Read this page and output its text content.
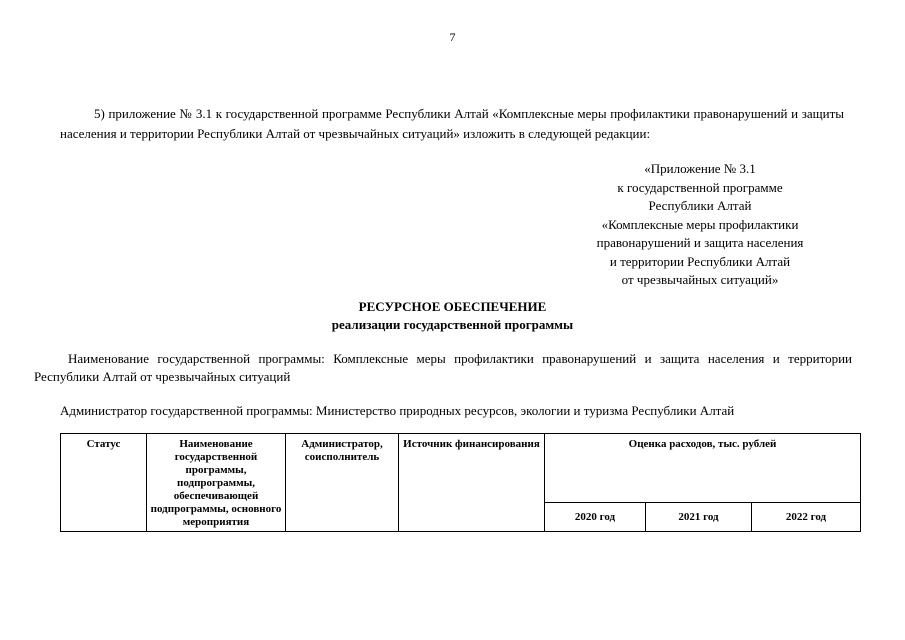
7

5) приложение № 3.1 к государственной программе Республики Алтай «Комплексные меры профилактики правонарушений и защиты населения и территории Республики Алтай от чрезвычайных ситуаций» изложить в следующей редакции:

«Приложение № 3.1
к государственной программе
Республики Алтай
«Комплексные меры профилактики
правонарушений и защита населения
и территории Республики Алтай
от чрезвычайных ситуаций»
РЕСУРСНОЕ ОБЕСПЕЧЕНИЕ
реализации государственной программы

Наименование государственной программы: Комплексные меры профилактики правонарушений и защита населения и территории Республики Алтай от чрезвычайных ситуаций

Администратор государственной программы: Министерство природных ресурсов, экологии и туризма Республики Алтай

Статус	Наименование государственной программы, подпрограммы, обеспечивающей подпрограммы, основного мероприятия	Администратор, соисполнитель	Источник финансирования	Оценка расходов, тыс. рублей		
				2020 год	2021 год	2022 год
